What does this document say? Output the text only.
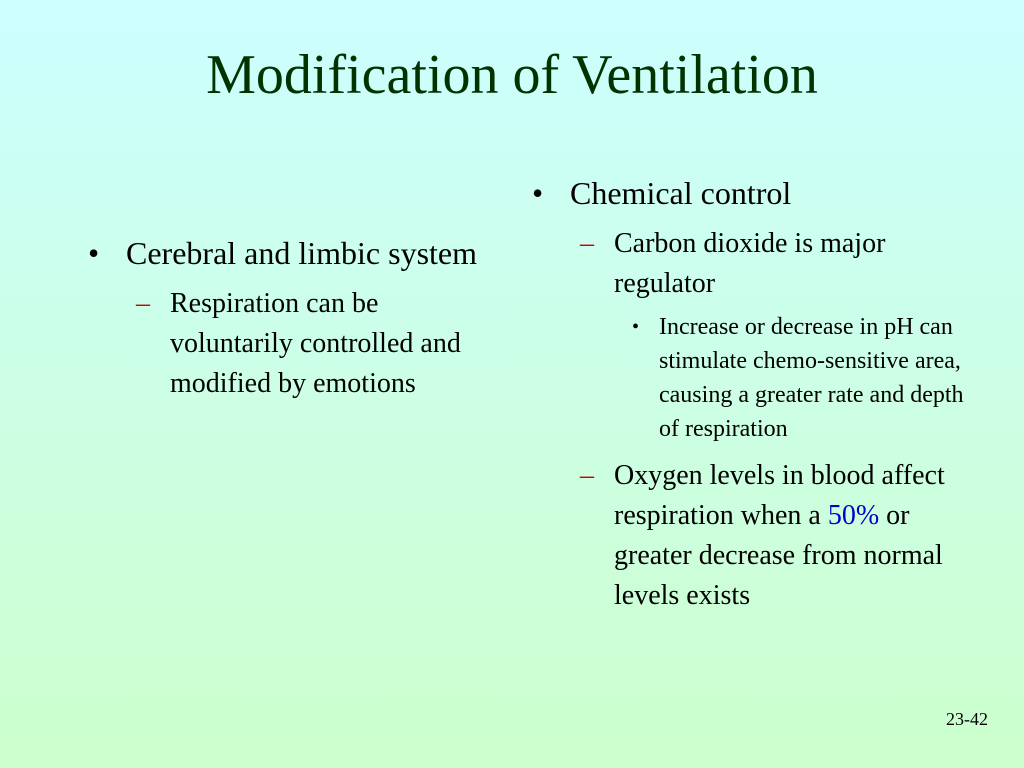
Modification of Ventilation
• Cerebral and limbic system
– Respiration can be voluntarily controlled and modified by emotions
• Chemical control
– Carbon dioxide is major regulator
• Increase or decrease in pH can stimulate chemo-sensitive area, causing a greater rate and depth of respiration
– Oxygen levels in blood affect respiration when a 50% or greater decrease from normal levels exists
23-42
